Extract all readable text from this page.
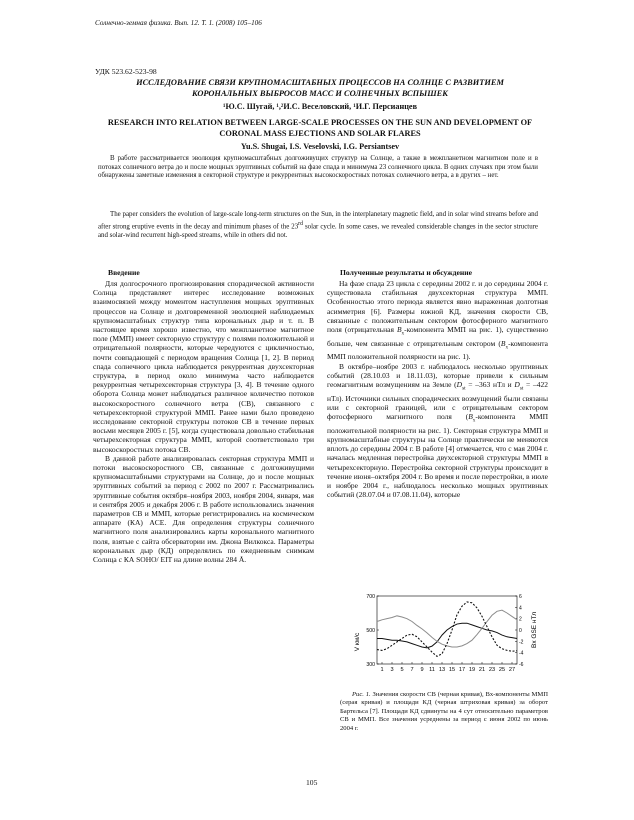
Солнечно-земная физика. Вып. 12. Т. 1. (2008) 105–106
УДК 523.62-523-98
ИССЛЕДОВАНИЕ СВЯЗИ КРУПНОМАСШТАБНЫХ ПРОЦЕССОВ НА СОЛНЦЕ С РАЗВИТИЕМ КОРОНАЛЬНЫХ ВЫБРОСОВ МАСС И СОЛНЕЧНЫХ ВСПЫШЕК
¹Ю.С. Шугай, ¹,²И.С. Веселовский, ¹И.Г. Персианцев
RESEARCH INTO RELATION BETWEEN LARGE-SCALE PROCESSES ON THE SUN AND DEVELOPMENT OF CORONAL MASS EJECTIONS AND SOLAR FLARES
Yu.S. Shugai, I.S. Veselovski, I.G. Persiantsev
В работе рассматривается эволюция крупномасштабных долгоживущих структур на Солнце, а также в межпланетном магнитном поле и в потоках солнечного ветра до и после мощных эруптивных событий на фазе спада и минимума 23 солнечного цикла. В одних случаях при этом были обнаружены заметные изменения в секторной структуре и рекуррентных высокоскоростных потоках солнечного ветра, а в других – нет.
The paper considers the evolution of large-scale long-term structures on the Sun, in the interplanetary magnetic field, and in solar wind streams before and after strong eruptive events in the decay and minimum phases of the 23rd solar cycle. In some cases, we revealed considerable changes in the sector structure and solar-wind recurrent high-speed streams, while in others did not.
Введение	Полученные результаты и обсуждение

Для долгосрочного прогнозирования спорадической активности Солнца представляет интерес исследование возможных взаимосвязей между моментом наступления мощных эруптивных процессов на Солнце и долговременной эволюцией наблюдаемых крупномасштабных структур типа корональных дыр и т. п. В настоящее время хорошо известно, что межпланетное магнитное поле (ММП) имеет секторную структуру с полями положительной и отрицательной полярности, которые чередуются с цикличностью, почти совпадающей с периодом вращения Солнца [1, 2]. В период спада солнечного цикла наблюдается рекуррентная двухсекторная структура, в период около минимума часто наблюдается рекуррентная четырехсекторная структура [3, 4]. В течение одного оборота Солнца может наблюдаться различное количество потоков высокоскоростного солнечного ветра (СВ), связанного с четырехсекторной структурой ММП. Ранее нами было проведено исследование секторной структуры потоков СВ в течение первых восьми месяцев 2005 г. [5], когда существовала довольно стабильная четырехсекторная структура ММП, которой соответствовало три высокоскоростных потока СВ.

В данной работе анализировалась секторная структура ММП и потоки высокоскоростного СВ, связанные с долгоживущими крупномасштабными структурами на Солнце, до и после мощных эруптивных событий за период с 2002 по 2007 г. Рассматривались эруптивные события октября–ноября 2003, ноября 2004, января, мая и сентября 2005 и декабря 2006 г. В работе использовались значения параметров СВ и ММП, которые регистрировались на космическом аппарате (КА) ACE. Для определения структуры солнечного магнитного поля анализировались карты коронального магнитного поля, взятые с сайта обсерватории им. Джона Вилкокса. Параметры корональных дыр (КД) определялись по ежедневным снимкам Солнца с КА SOHO/ EIT на длине волны 284 Å.

На фазе спада 23 цикла с середины 2002 г. и до середины 2004 г. существовала стабильная двухсекторная структура ММП. Особенностью этого периода является явно выраженная долготная асимметрия [6]. Размеры южной КД, значения скорости СВ, связанные с положительным сектором фотосферного магнитного поля (отрицательная $B_x$-компонента ММП на рис. 1), существенно больше, чем связанные с отрицательным сектором ($B_x$-компонента ММП положительной полярности на рис. 1).

В октябре–ноябре 2003 г. наблюдалось несколько эруптивных событий (28.10.03 и 18.11.03), которые привели к сильным геомагнитным возмущениям на Земле ($D_{st} = -363$ нТл и $D_{st} = -422$ нТл). Источники сильных спорадических возмущений были связаны или с секторной границей, или с отрицательным сектором фотосферного магнитного поля ($B_x$-компонента ММП положительной полярности на рис. 1). Секторная структура ММП и крупномасштабные структуры на Солнце практически не меняются вплоть до середины 2004 г. В работе [4] отмечается, что с мая 2004 г. началась медленная перестройка двухсекторной структуры ММП в четырехсекторную. Перестройка секторной структуры происходит в течение июня–октября 2004 г. Во время и после перестройки, в июле и ноябре 2004 г., наблюдалось несколько мощных эруптивных событий (28.07.04 и 07.08.11.04), которые

1 3 5 7 9 11 13 15 17 19 21 23 25 27
300
500
700
-6
-4
-2
0
2
4
6
V км/с	Bx GSE нТл
Рис. 1. Значения скорости СВ (черная кривая), Bx-компоненты ММП (серая кривая) и площади КД (черная штриховая кривая) за оборот Бартельса [7]. Площади КД сдвинуты на 4 сут относительно параметров СВ и ММП. Все значения усреднены за период с июня 2002 по июнь 2004 г.
105
